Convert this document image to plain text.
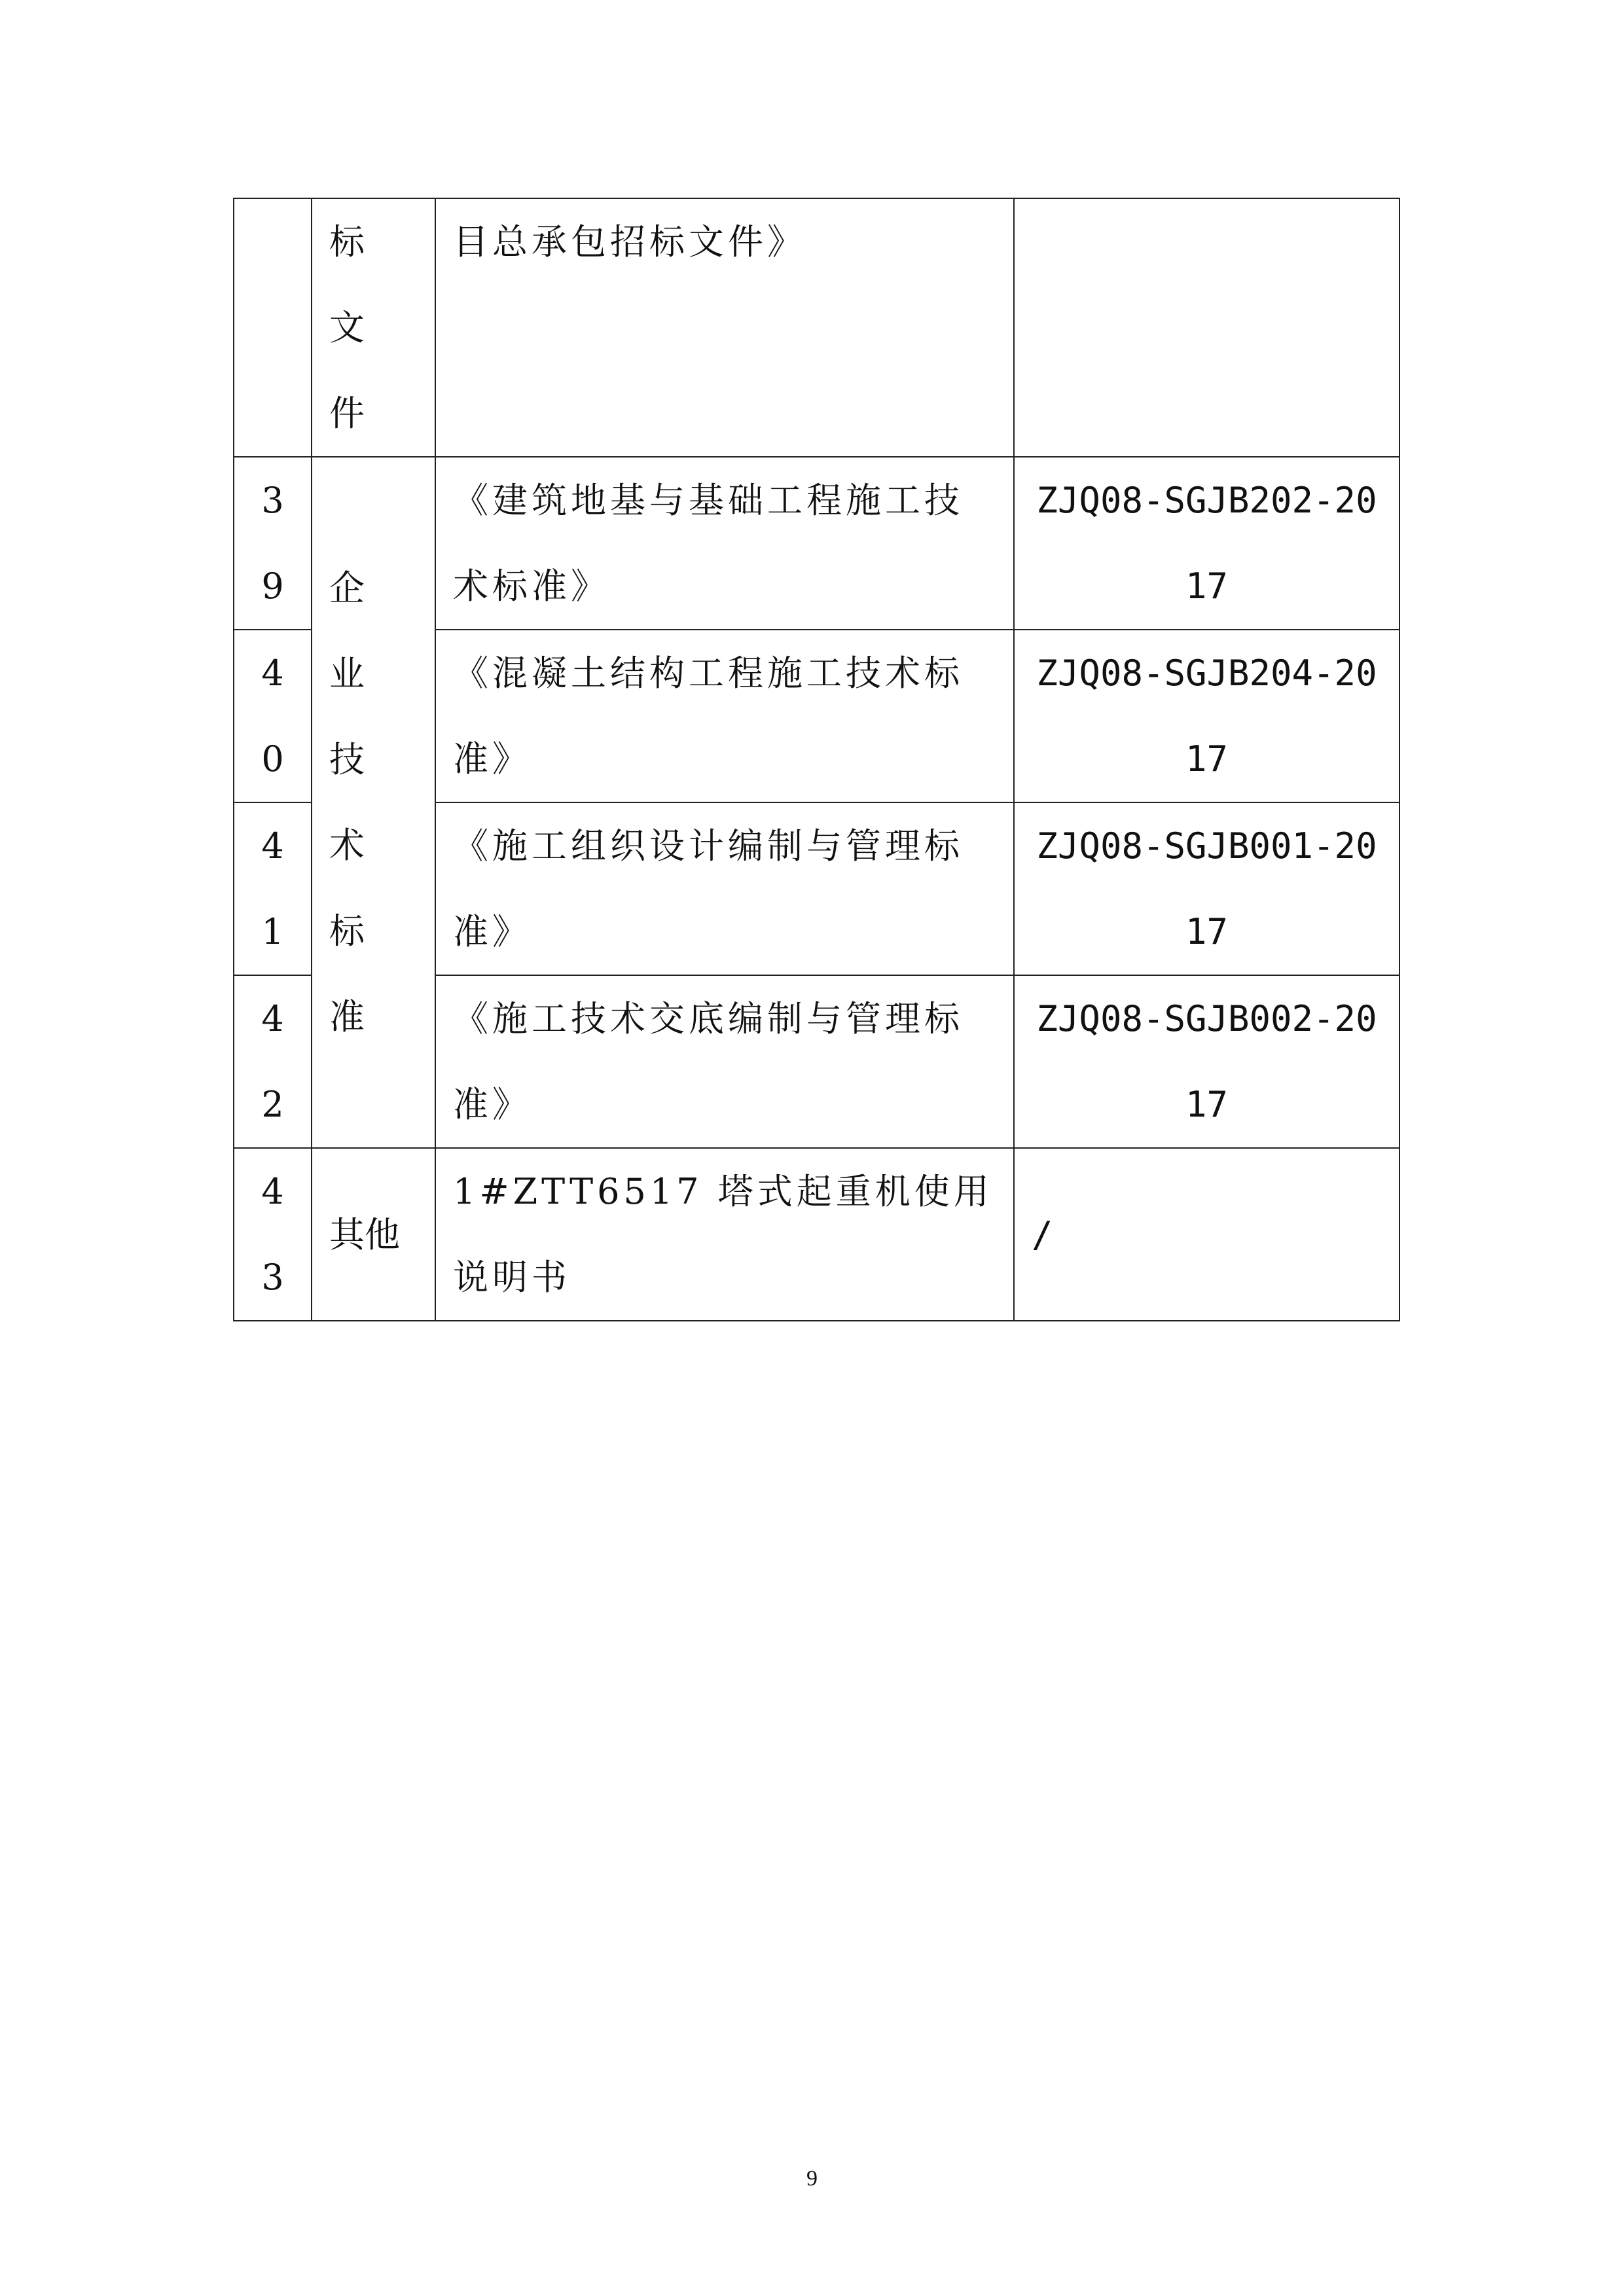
	标文件	目总承包招标文件》	
39	企业技术标准	《建筑地基与基础工程施工技术标准》	ZJQ08-SGJB202-2017
40		《混凝土结构工程施工技术标准》	ZJQ08-SGJB204-2017
41		《施工组织设计编制与管理标准》	ZJQ08-SGJB001-2017
42		《施工技术交底编制与管理标准》	ZJQ08-SGJB002-2017
43	其他	1#ZTT6517 塔式起重机使用说明书	/
9
